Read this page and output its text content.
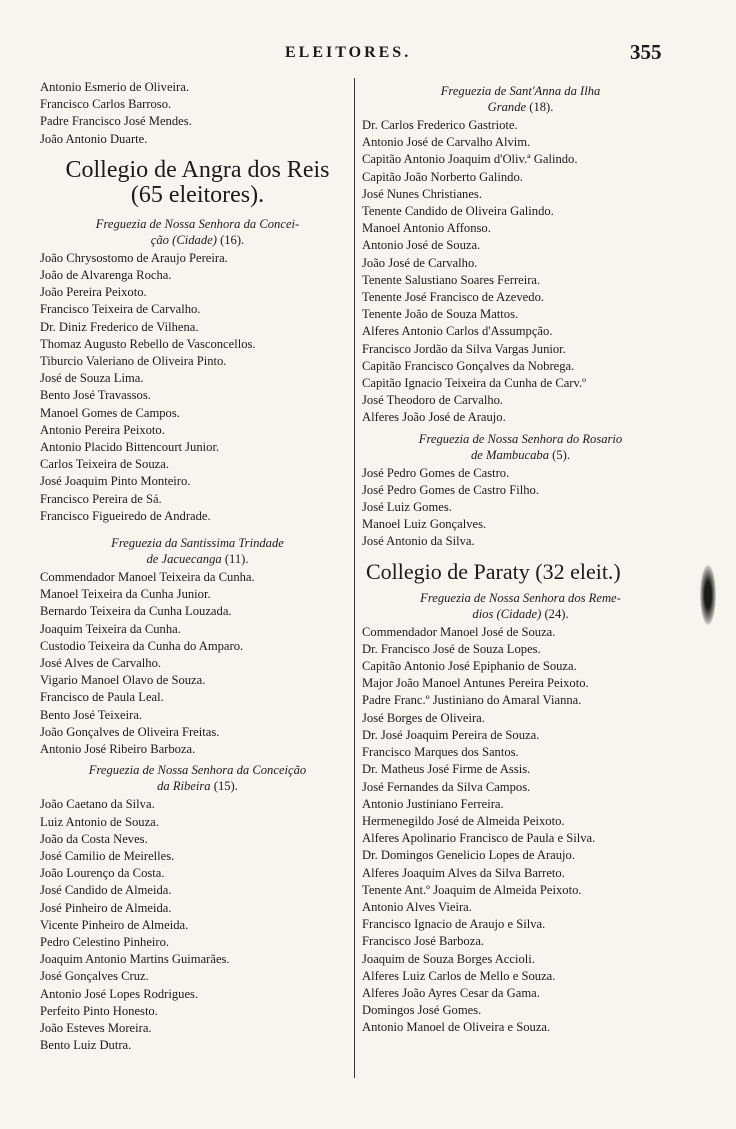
ELEITORES.	355
Antonio Esmerio de Oliveira.
Francisco Carlos Barroso.
Padre Francisco José Mendes.
João Antonio Duarte.
Collegio de Angra dos Reis
(65 eleitores).
Freguezia de Nossa Senhora da Concei-
ção (Cidade) (16).
João Chrysostomo de Araujo Pereira.
João de Alvarenga Rocha.
João Pereira Peixoto.
Francisco Teixeira de Carvalho.
Dr. Diniz Frederico de Vilhena.
Thomaz Augusto Rebello de Vasconcellos.
Tiburcio Valeriano de Oliveira Pinto.
José de Souza Lima.
Bento José Travassos.
Manoel Gomes de Campos.
Antonio Pereira Peixoto.
Antonio Placido Bittencourt Junior.
Carlos Teixeira de Souza.
José Joaquim Pinto Monteiro.
Francisco Pereira de Sá.
Francisco Figueiredo de Andrade.
Freguezia da Santissima Trindade
de Jacuecanga (11).
Commendador Manoel Teixeira da Cunha.
Manoel Teixeira da Cunha Junior.
Bernardo Teixeira da Cunha Louzada.
Joaquim Teixeira da Cunha.
Custodio Teixeira da Cunha do Amparo.
José Alves de Carvalho.
Vigario Manoel Olavo de Souza.
Francisco de Paula Leal.
Bento José Teixeira.
João Gonçalves de Oliveira Freitas.
Antonio José Ribeiro Barboza.
Freguezia de Nossa Senhora da Conceição
da Ribeira (15).
João Caetano da Silva.
Luiz Antonio de Souza.
João da Costa Neves.
José Camilio de Meirelles.
João Lourenço da Costa.
José Candido de Almeida.
José Pinheiro de Almeida.
Vicente Pinheiro de Almeida.
Pedro Celestino Pinheiro.
Joaquim Antonio Martins Guimarães.
José Gonçalves Cruz.
Antonio José Lopes Rodrigues.
Perfeito Pinto Honesto.
João Esteves Moreira.
Bento Luiz Dutra.
Freguezia de Sant'Anna da Ilha
Grande (18).
Dr. Carlos Frederico Gastriote.
Antonio José de Carvalho Alvim.
Capitão Antonio Joaquim d'Oliv.ª Galindo.
Capitão João Norberto Galindo.
José Nunes Christianes.
Tenente Candido de Oliveira Galindo.
Manoel Antonio Affonso.
Antonio José de Souza.
João José de Carvalho.
Tenente Salustiano Soares Ferreira.
Tenente José Francisco de Azevedo.
Tenente João de Souza Mattos.
Alferes Antonio Carlos d'Assumpção.
Francisco Jordão da Silva Vargas Junior.
Capitão Francisco Gonçalves da Nobrega.
Capitão Ignacio Teixeira da Cunha de Carv.º
José Theodoro de Carvalho.
Alferes João José de Araujo.
Freguezia de Nossa Senhora do Rosario
de Mambucaba (5).
José Pedro Gomes de Castro.
José Pedro Gomes de Castro Filho.
José Luiz Gomes.
Manoel Luiz Gonçalves.
José Antonio da Silva.
Collegio de Paraty (32 eleit.)
Freguezia de Nossa Senhora dos Reme-
dios (Cidade) (24).
Commendador Manoel José de Souza.
Dr. Francisco José de Souza Lopes.
Capitão Antonio José Epiphanio de Souza.
Major João Manoel Antunes Pereira Peixoto.
Padre Franc.º Justiniano do Amaral Vianna.
José Borges de Oliveira.
Dr. José Joaquim Pereira de Souza.
Francisco Marques dos Santos.
Dr. Matheus José Firme de Assis.
José Fernandes da Silva Campos.
Antonio Justiniano Ferreira.
Hermenegildo José de Almeida Peixoto.
Alferes Apolinario Francisco de Paula e Silva.
Dr. Domingos Genelicio Lopes de Araujo.
Alferes Joaquim Alves da Silva Barreto.
Tenente Ant.º Joaquim de Almeida Peixoto.
Antonio Alves Vieira.
Francisco Ignacio de Araujo e Silva.
Francisco José Barboza.
Joaquim de Souza Borges Accioli.
Alferes Luiz Carlos de Mello e Souza.
Alferes João Ayres Cesar da Gama.
Domingos José Gomes.
Antonio Manoel de Oliveira e Souza.
